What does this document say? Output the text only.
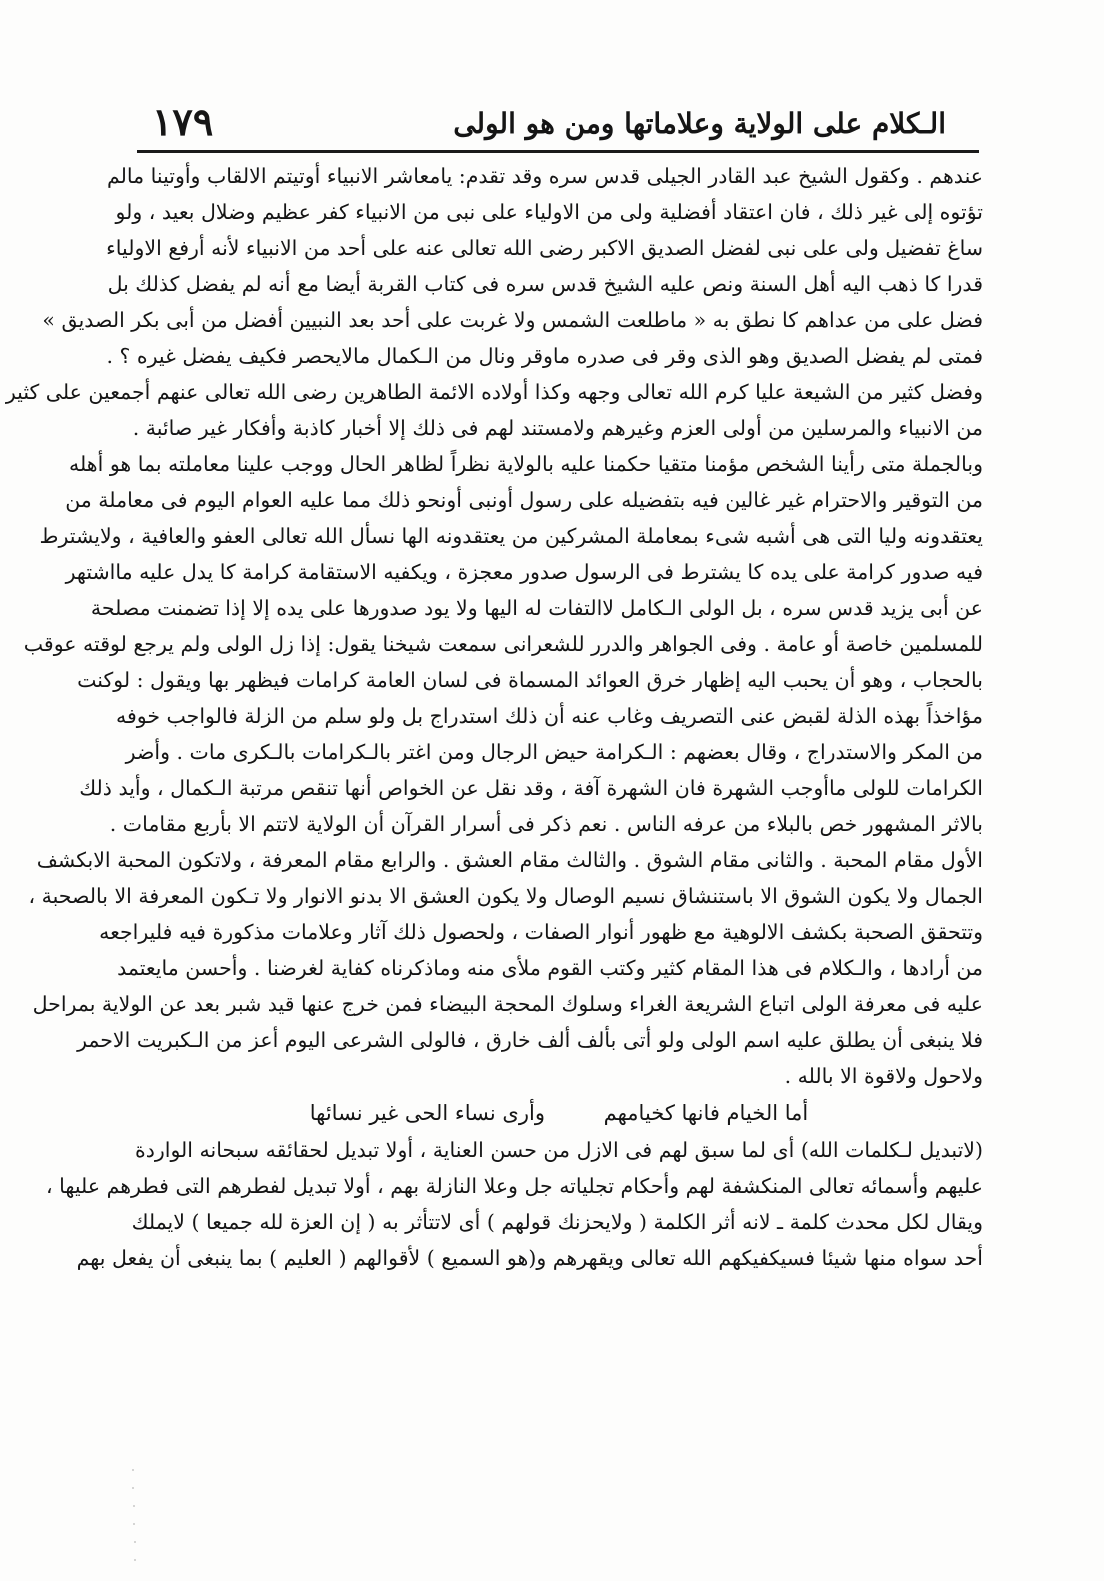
١٧٩	الـكلام على الولاية وعلاماتها ومن هو الولى
عندهم . وكقول الشيخ عبد القادر الجيلى قدس سره وقد تقدم: يامعاشر الانبياء أوتيتم الالقاب وأوتينا مالم
تؤتوه إلى غير ذلك ، فان اعتقاد أفضلية ولى من الاولياء على نبى من الانبياء كفر عظيم وضلال بعيد ، ولو
ساغ تفضيل ولى على نبى لفضل الصديق الاكبر رضى الله تعالى عنه على أحد من الانبياء لأنه أرفع الاولياء
قدرا كا ذهب اليه أهل السنة ونص عليه الشيخ قدس سره فى كتاب القربة أيضا مع أنه لم يفضل كذلك بل
فضل على من عداهم كا نطق به « ماطلعت الشمس ولا غربت على أحد بعد النبيين أفضل من أبى بكر الصديق »
فمتى لم يفضل الصديق وهو الذى وقر فى صدره ماوقر ونال من الـكمال مالايحصر فكيف يفضل غيره ؟ .
وفضل كثير من الشيعة عليا كرم الله تعالى وجهه وكذا أولاده الائمة الطاهرين رضى الله تعالى عنهم أجمعين على كثير
من الانبياء والمرسلين من أولى العزم وغيرهم ولامستند لهم فى ذلك إلا أخبار كاذبة وأفكار غير صائبة .
وبالجملة متى رأينا الشخص مؤمنا متقيا حكمنا عليه بالولاية نظراً لظاهر الحال ووجب علينا معاملته بما هو أهله
من التوقير والاحترام غير غالين فيه بتفضيله على رسول أونبى أونحو ذلك مما عليه العوام اليوم فى معاملة من
يعتقدونه وليا التى هى أشبه شىء بمعاملة المشركين من يعتقدونه الها نسأل الله تعالى العفو والعافية ، ولايشترط
فيه صدور كرامة على يده كا يشترط فى الرسول صدور معجزة ، ويكفيه الاستقامة كرامة كا يدل عليه مااشتهر
عن أبى يزيد قدس سره ، بل الولى الـكامل لاالتفات له اليها ولا يود صدورها على يده إلا إذا تضمنت مصلحة
للمسلمين خاصة أو عامة . وفى الجواهر والدرر للشعرانى سمعت شيخنا يقول: إذا زل الولى ولم يرجع لوقته عوقب
بالحجاب ، وهو أن يحبب اليه إظهار خرق العوائد المسماة فى لسان العامة كرامات فيظهر بها ويقول : لوكنت
مؤاخذاً بهذه الذلة لقبض عنى التصريف وغاب عنه أن ذلك استدراج بل ولو سلم من الزلة فالواجب خوفه
من المكر والاستدراج ، وقال بعضهم : الـكرامة حيض الرجال ومن اغتر بالـكرامات بالـكرى مات . وأضر
الكرامات للولى ماأوجب الشهرة فان الشهرة آفة ، وقد نقل عن الخواص أنها تنقص مرتبة الـكمال ، وأيد ذلك
بالاثر المشهور خص بالبلاء من عرفه الناس . نعم ذكر فى أسرار القرآن أن الولاية لاتتم الا بأربع مقامات .
الأول مقام المحبة . والثانى مقام الشوق . والثالث مقام العشق . والرابع مقام المعرفة ، ولاتكون المحبة الابكشف
الجمال ولا يكون الشوق الا باستنشاق نسيم الوصال ولا يكون العشق الا بدنو الانوار ولا تـكون المعرفة الا بالصحبة ،
وتتحقق الصحبة بكشف الالوهية مع ظهور أنوار الصفات ، ولحصول ذلك آثار وعلامات مذكورة فيه فليراجعه
من أرادها ، والـكلام فى هذا المقام كثير وكتب القوم ملأى منه وماذكرناه كفاية لغرضنا . وأحسن مايعتمد
عليه فى معرفة الولى اتباع الشريعة الغراء وسلوك المحجة البيضاء فمن خرج عنها قيد شبر بعد عن الولاية بمراحل
فلا ينبغى أن يطلق عليه اسم الولى ولو أتى بألف ألف خارق ، فالولى الشرعى اليوم أعز من الـكبريت الاحمر
ولاحول ولاقوة الا بالله .
أما الخيام فانها كخيامهم وأرى نساء الحى غير نسائها
(لاتبديل لـكلمات الله) أى لما سبق لهم فى الازل من حسن العناية ، أولا تبديل لحقائقه سبحانه الواردة
عليهم وأسمائه تعالى المنكشفة لهم وأحكام تجلياته جل وعلا النازلة بهم ، أولا تبديل لفطرهم التى فطرهم عليها ،
ويقال لكل محدث كلمة ـ لانه أثر الكلمة ( ولايحزنك قولهم ) أى لاتتأثر به ( إن العزة لله جميعا ) لايملك
أحد سواه منها شيئا فسيكفيكهم الله تعالى ويقهرهم و(هو السميع ) لأقوالهم ( العليم ) بما ينبغى أن يفعل بهم
